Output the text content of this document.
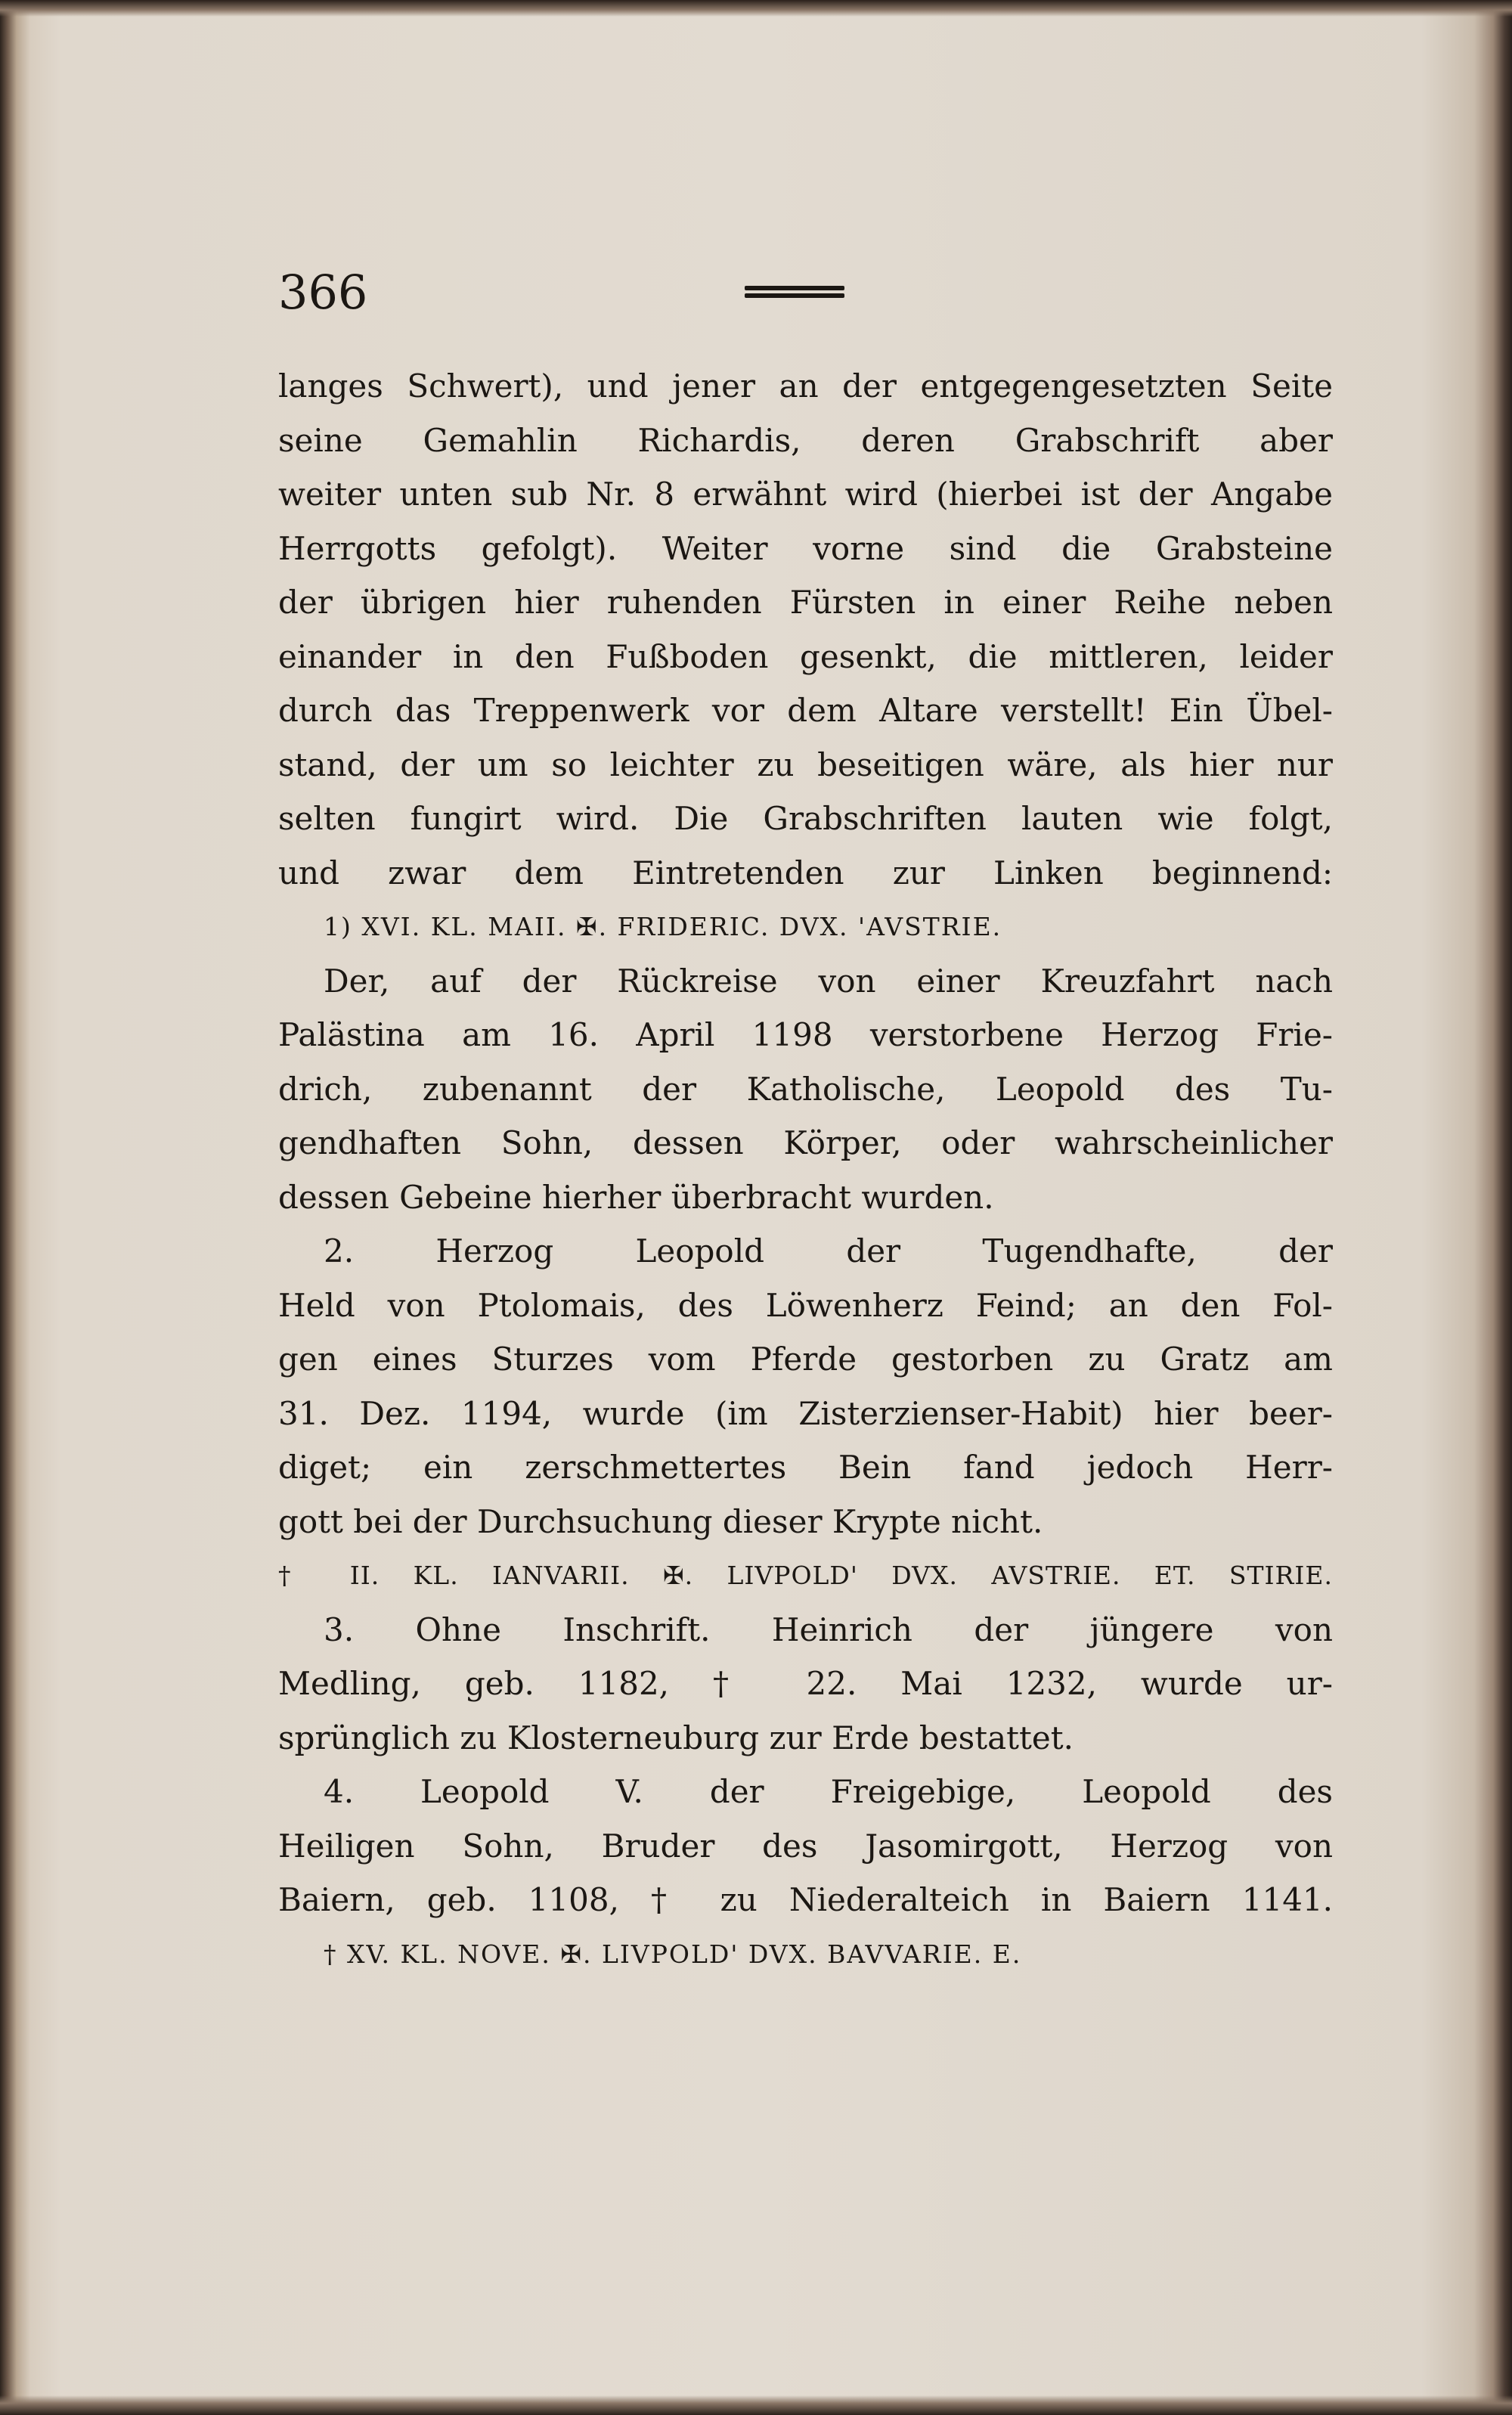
366
langes Schwert), und jener an der entgegengesetzten Seite
seine Gemahlin Richardis, deren Grabschrift aber
weiter unten sub Nr. 8 erwähnt wird (hierbei ist der Angabe
Herrgotts gefolgt). Weiter vorne sind die Grabsteine
der übrigen hier ruhenden Fürsten in einer Reihe neben
einander in den Fußboden gesenkt, die mittleren, leider
durch das Treppenwerk vor dem Altare verstellt! Ein Übel-
stand, der um so leichter zu beseitigen wäre, als hier nur
selten fungirt wird. Die Grabschriften lauten wie folgt,
und zwar dem Eintretenden zur Linken beginnend:
1) XVI. KL. MAII. ✠. FRIDERIC. DVX. 'AVSTRIE.
Der, auf der Rückreise von einer Kreuzfahrt nach
Palästina am 16. April 1198 verstorbene Herzog Frie-
drich, zubenannt der Katholische, Leopold des Tu-
gendhaften Sohn, dessen Körper, oder wahrscheinlicher
dessen Gebeine hierher überbracht wurden.
2. Herzog Leopold der Tugendhafte, der
Held von Ptolomais, des Löwenherz Feind; an den Fol-
gen eines Sturzes vom Pferde gestorben zu Gratz am
31. Dez. 1194, wurde (im Zisterzienser-Habit) hier beer-
diget; ein zerschmettertes Bein fand jedoch Herr-
gott bei der Durchsuchung dieser Krypte nicht.
† II. KL. IANVARII. ✠. LIVPOLD' DVX. AVSTRIE. ET. STIRIE.
3. Ohne Inschrift. Heinrich der jüngere von
Medling, geb. 1182, † 22. Mai 1232, wurde ur-
sprünglich zu Klosterneuburg zur Erde bestattet.
4. Leopold V. der Freigebige, Leopold des
Heiligen Sohn, Bruder des Jasomirgott, Herzog von
Baiern, geb. 1108, † zu Niederalteich in Baiern 1141.
† XV. KL. NOVE. ✠. LIVPOLD' DVX. BAVVARIE. E.
